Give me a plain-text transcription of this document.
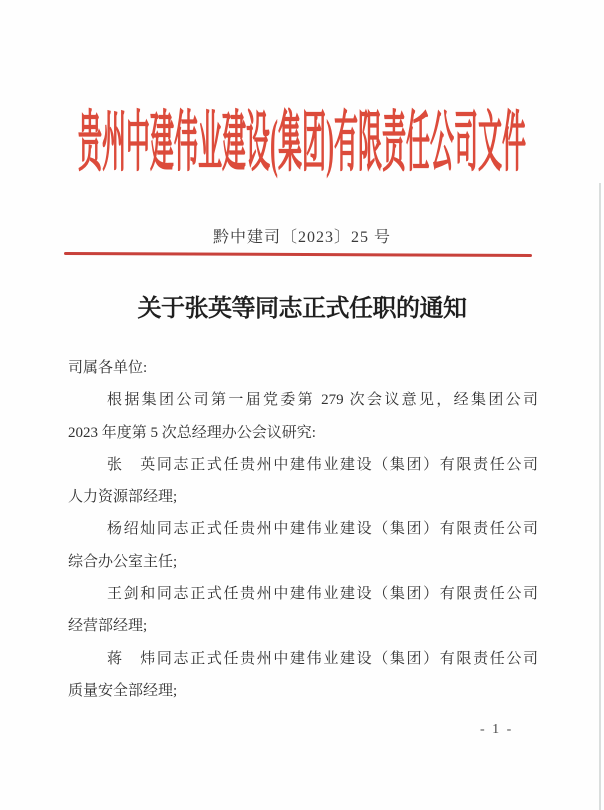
贵州中建伟业建设(集团)有限责任公司文件
黔中建司〔2023〕25 号
关于张英等同志正式任职的通知
司属各单位:
根据集团公司第一届党委第 279 次会议意见，经集团公司
2023 年度第 5 次总经理办公会议研究:
张　英同志正式任贵州中建伟业建设（集团）有限责任公司
人力资源部经理;
杨绍灿同志正式任贵州中建伟业建设（集团）有限责任公司
综合办公室主任;
王剑和同志正式任贵州中建伟业建设（集团）有限责任公司
经营部经理;
蒋　炜同志正式任贵州中建伟业建设（集团）有限责任公司
质量安全部经理;
- 1 -
